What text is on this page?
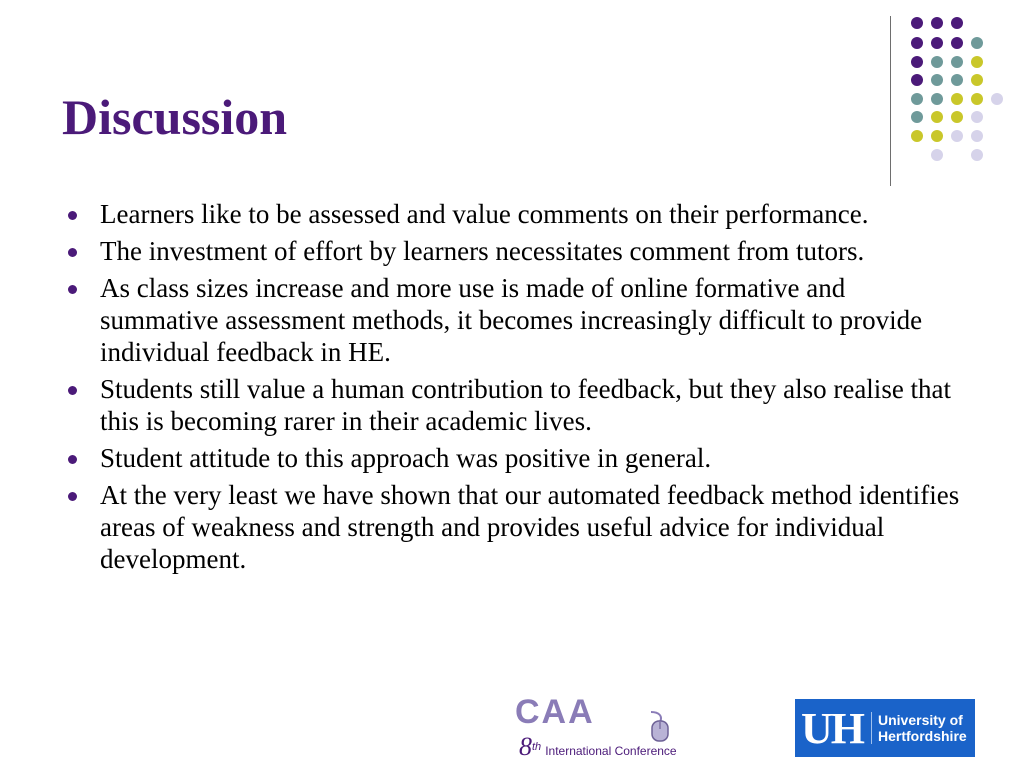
Discussion
Learners like to be assessed and value comments on their performance.
The investment of effort by learners necessitates comment from tutors.
As class sizes increase and more use is made of online formative and summative assessment methods, it becomes increasingly difficult to provide individual feedback in HE.
Students still value a human contribution to feedback, but they also realise that this is becoming rarer in their academic lives.
Student attitude to this approach was positive in general.
At the very least we have shown that our automated feedback method identifies areas of weakness and strength and provides useful advice for individual development.
CAA
8th International Conference	UH University of
Hertfordshire
